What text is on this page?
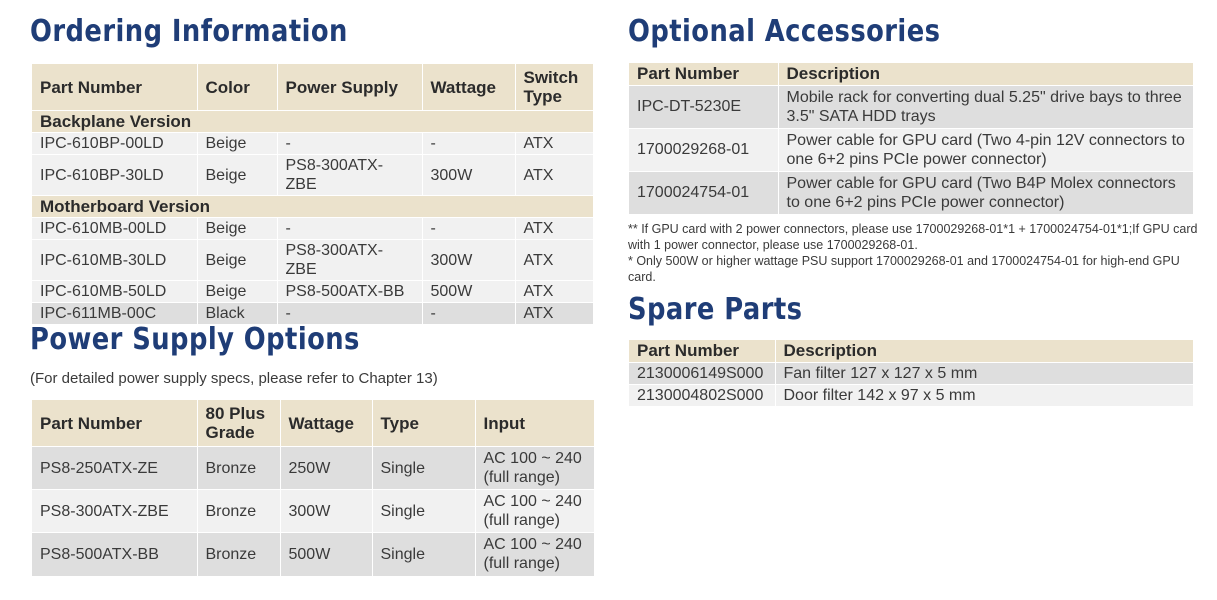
Ordering Information
Part Number	Color	Power Supply	Wattage	Switch Type
Backplane Version				
IPC-610BP-00LD	Beige	-	-	ATX
IPC-610BP-30LD	Beige	PS8-300ATX-ZBE	300W	ATX
Motherboard Version				
IPC-610MB-00LD	Beige	-	-	ATX
IPC-610MB-30LD	Beige	PS8-300ATX-ZBE	300W	ATX
IPC-610MB-50LD	Beige	PS8-500ATX-BB	500W	ATX
IPC-611MB-00C	Black	-	-	ATX
Power Supply Options

(For detailed power supply specs, please refer to Chapter 13)

Part Number	80 Plus Grade	Wattage	Type	Input
PS8-250ATX-ZE	Bronze	250W	Single	AC 100 ~ 240 (full range)
PS8-300ATX-ZBE	Bronze	300W	Single	AC 100 ~ 240 (full range)
PS8-500ATX-BB	Bronze	500W	Single	AC 100 ~ 240 (full range)
Optional Accessories
Part Number	Description
IPC-DT-5230E	Mobile rack for converting dual 5.25" drive bays to three 3.5" SATA HDD trays
1700029268-01	Power cable for GPU card (Two 4-pin 12V connectors to one 6+2 pins PCIe power connector)
1700024754-01	Power cable for GPU card (Two B4P Molex connectors to one 6+2 pins PCIe power connector)

** If GPU card with 2 power connectors, please use 1700029268-01*1 + 1700024754-01*1;If GPU card with 1 power connector, please use 1700029268-01.

* Only 500W or higher wattage PSU support 1700029268-01 and 1700024754-01 for high-end GPU card.

Spare Parts
Part Number	Description
2130006149S000	Fan filter 127 x 127 x 5 mm
2130004802S000	Door filter 142 x 97 x 5 mm
